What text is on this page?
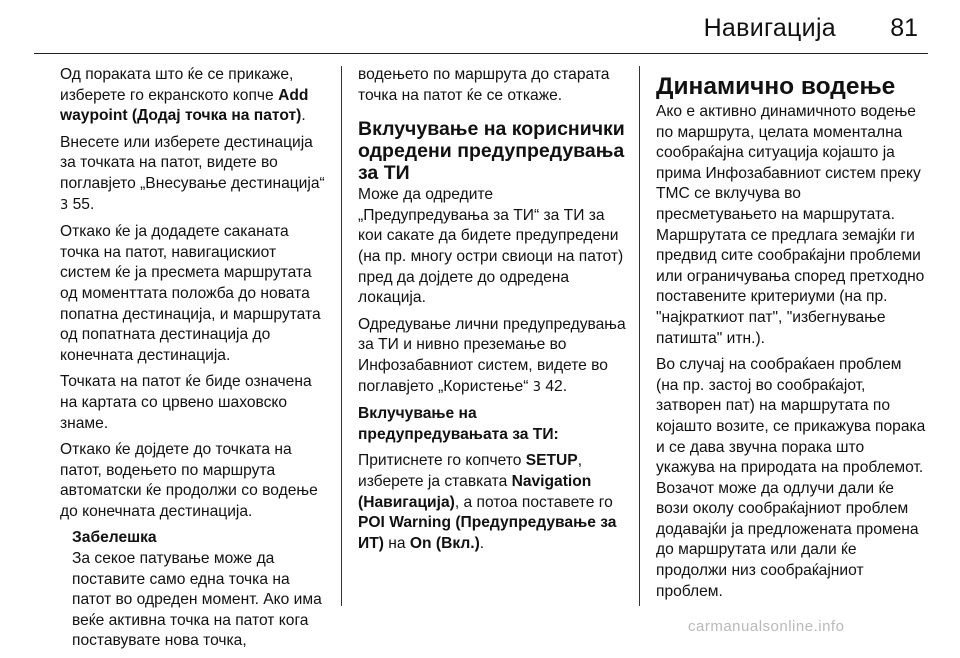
Навигација 81

Од пораката што ќе се прикаже, изберете го екранското копче Add waypoint (Додај точка на патот).

Внесете или изберете дестинација за точката на патот, видете во поглавјето „Внесување дестинација“ 3 55.

Откако ќе ја додадете саканата точка на патот, навигацискиот систем ќе ја пресмета маршрутата од моменттата положба до новата попатна дестинација, и маршрутата од попатната дестинација до конечната дестинација.

Точката на патот ќе биде означена на картата со црвено шаховско знаме.

Откако ќе дојдете до точката на патот, водењето по маршрута автоматски ќе продолжи со водење до конечната дестинација.

Забелешка

За секое патување може да поставите само една точка на патот во одреден момент. Ако има веќе активна точка на патот кога поставувате нова точка,

водењето по маршрута до старата точка на патот ќе се откаже.

Вклучување на кориснички одредени предупредувања за ТИ

Може да одредите „Предупредувања за ТИ“ за ТИ за кои сакате да бидете предупредени (на пр. многу остри свиоци на патот) пред да дојдете до одредена локација.

Одредување лични предупредувања за ТИ и нивно преземање во Инфозабавниот систем, видете во поглавјето „Користење“ 3 42.

Вклучување на предупредувањата за ТИ:

Притиснете го копчето SETUP, изберете ја ставката Navigation (Навигација), а потоа поставете го POI Warning (Предупредување за ИТ) на On (Вкл.).

Динамично водење

Ако е активно динамичното водење по маршрута, целата моментална сообраќајна ситуација којашто ја прима Инфозабавниот систем преку TMC се вклучува во пресметувањето на маршрутата. Маршрутата се предлага земајќи ги предвид сите сообраќајни проблеми или ограничувања според претходно поставените критериуми (на пр. "најкраткиот пат", "избегнување патишта" итн.).

Во случај на сообраќаен проблем (на пр. застој во сообраќајот, затворен пат) на маршрутата по којашто возите, се прикажува порака и се дава звучна порака што укажува на природата на проблемот. Возачот може да одлучи дали ќе вози околу сообраќајниот проблем додавајќи ја предложената промена до маршрутата или дали ќе продолжи низ сообраќајниот проблем.

carmanualsonline.info
